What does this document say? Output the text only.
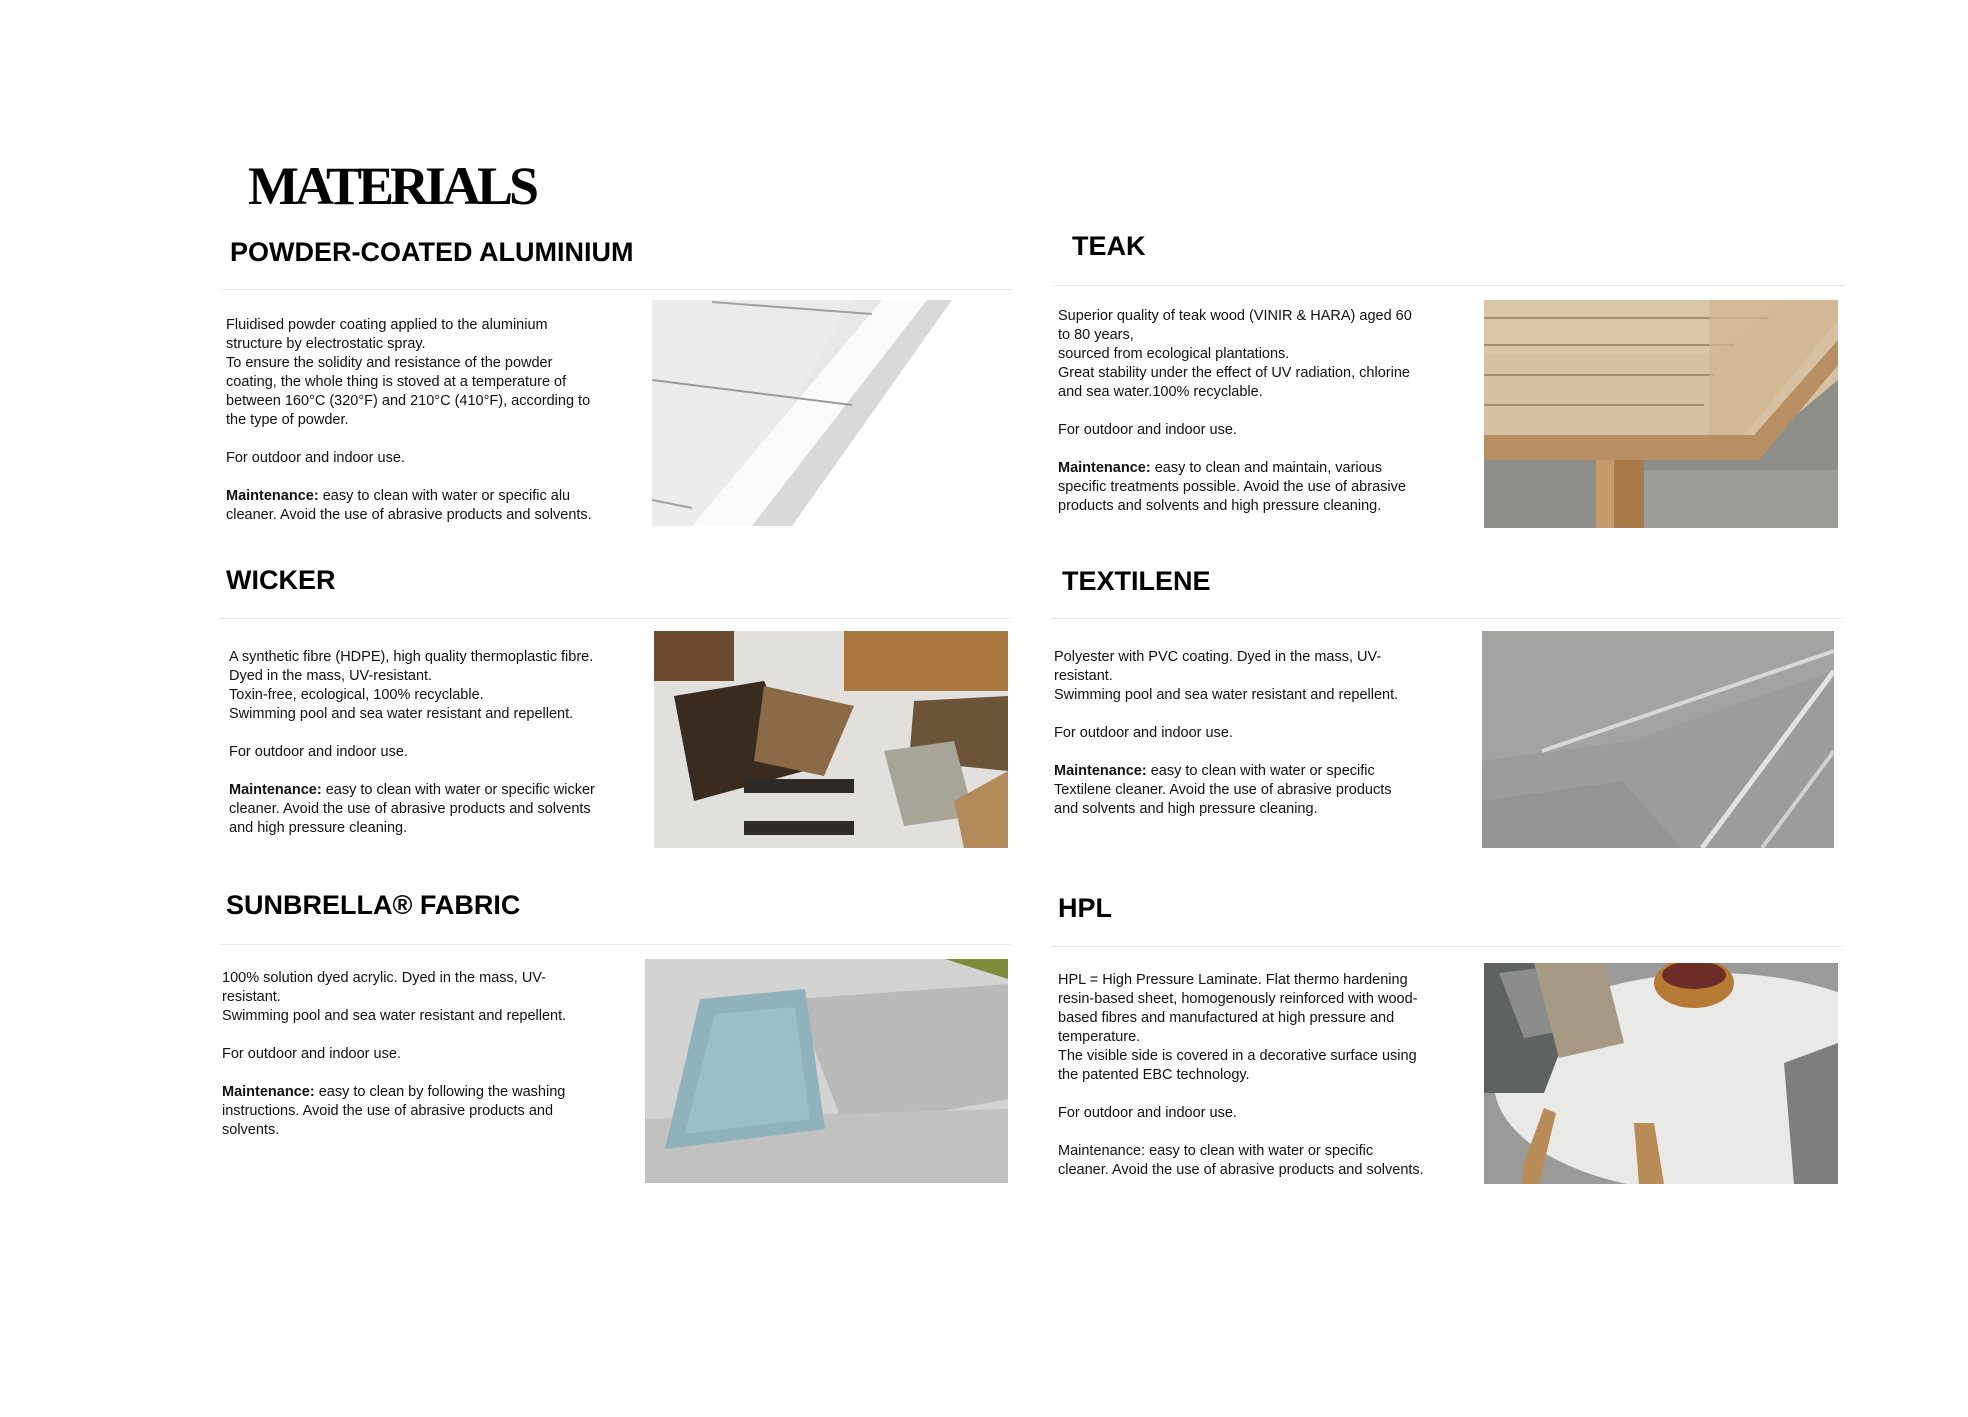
MATERIALS
POWDER-COATED ALUMINIUM

Fluidised powder coating applied to the aluminium
structure by electrostatic spray.
To ensure the solidity and resistance of the powder
coating, the whole thing is stoved at a temperature of
between 160°C (320°F) and 210°C (410°F), according to
the type of powder.

For outdoor and indoor use.

Maintenance: easy to clean with water or specific alu
cleaner. Avoid the use of abrasive products and solvents.

TEAK

Superior quality of teak wood (VINIR & HARA) aged 60
to 80 years,
sourced from ecological plantations.
Great stability under the effect of UV radiation, chlorine
and sea water.100% recyclable.

For outdoor and indoor use.

Maintenance: easy to clean and maintain, various
specific treatments possible. Avoid the use of abrasive
products and solvents and high pressure cleaning.

WICKER

A synthetic fibre (HDPE), high quality thermoplastic fibre.
Dyed in the mass, UV-resistant.
Toxin-free, ecological, 100% recyclable.
Swimming pool and sea water resistant and repellent.

For outdoor and indoor use.

Maintenance: easy to clean with water or specific wicker
cleaner. Avoid the use of abrasive products and solvents
and high pressure cleaning.

TEXTILENE

Polyester with PVC coating. Dyed in the mass, UV-
resistant.
Swimming pool and sea water resistant and repellent.

For outdoor and indoor use.

Maintenance: easy to clean with water or specific
Textilene cleaner. Avoid the use of abrasive products
and solvents and high pressure cleaning.

SUNBRELLA® FABRIC

100% solution dyed acrylic. Dyed in the mass, UV-
resistant.
Swimming pool and sea water resistant and repellent.

For outdoor and indoor use.

Maintenance: easy to clean by following the washing
instructions. Avoid the use of abrasive products and
solvents.

HPL

HPL = High Pressure Laminate. Flat thermo hardening
resin-based sheet, homogenously reinforced with wood-
based fibres and manufactured at high pressure and
temperature.
The visible side is covered in a decorative surface using
the patented EBC technology.

For outdoor and indoor use.

Maintenance: easy to clean with water or specific
cleaner. Avoid the use of abrasive products and solvents.
